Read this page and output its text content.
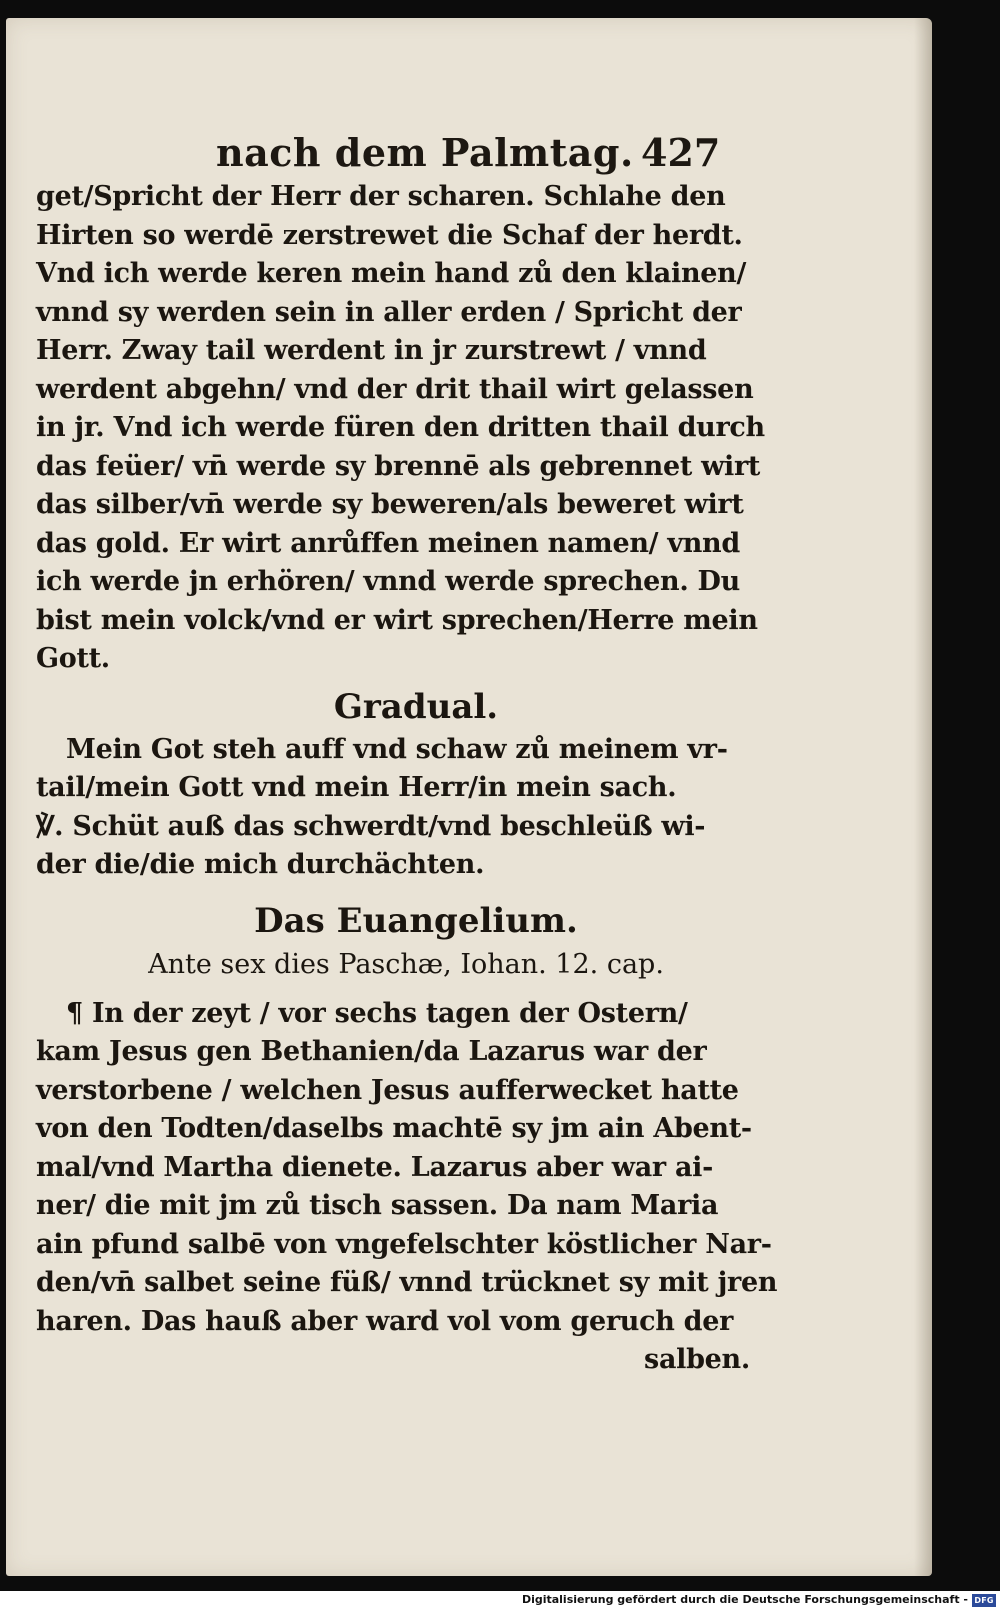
nach dem Palmtag. 427
get/Spricht der Herr der scharen. Schlahe den
Hirten so werdē zerstrewet die Schaf der herdt.
Vnd ich werde keren mein hand zů den klainen/
vnnd sy werden sein in aller erden / Spricht der
Herr. Zway tail werdent in jr zurstrewt / vnnd
werdent abgehn/ vnd der drit thail wirt gelassen
in jr. Vnd ich werde füren den dritten thail durch
das feüer/ vn̄ werde sy brennē als gebrennet wirt
das silber/vn̄ werde sy beweren/als beweret wirt
das gold. Er wirt anrůffen meinen namen/ vnnd
ich werde jn erhören/ vnnd werde sprechen. Du
bist mein volck/vnd er wirt sprechen/Herre mein
Gott.
Gradual.
Mein Got steh auff vnd schaw zů meinem vr-
tail/mein Gott vnd mein Herr/in mein sach.
℣. Schüt auß das schwerdt/vnd beschleüß wi-
der die/die mich durchächten.
Das Euangelium.
Ante sex dies Paschæ, Iohan. 12. cap.
¶ In der zeyt / vor sechs tagen der Ostern/
kam Jesus gen Bethanien/da Lazarus war der
verstorbene / welchen Jesus aufferwecket hatte
von den Todten/daselbs machtē sy jm ain Abent-
mal/vnd Martha dienete. Lazarus aber war ai-
ner/ die mit jm zů tisch sassen. Da nam Maria
ain pfund salbē von vngefelschter köstlicher Nar-
den/vn̄ salbet seine füß/ vnnd trücknet sy mit jren
haren. Das hauß aber ward vol vom geruch der
salben.
Digitalisierung gefördert durch die Deutsche Forschungsgemeinschaft - DFG
